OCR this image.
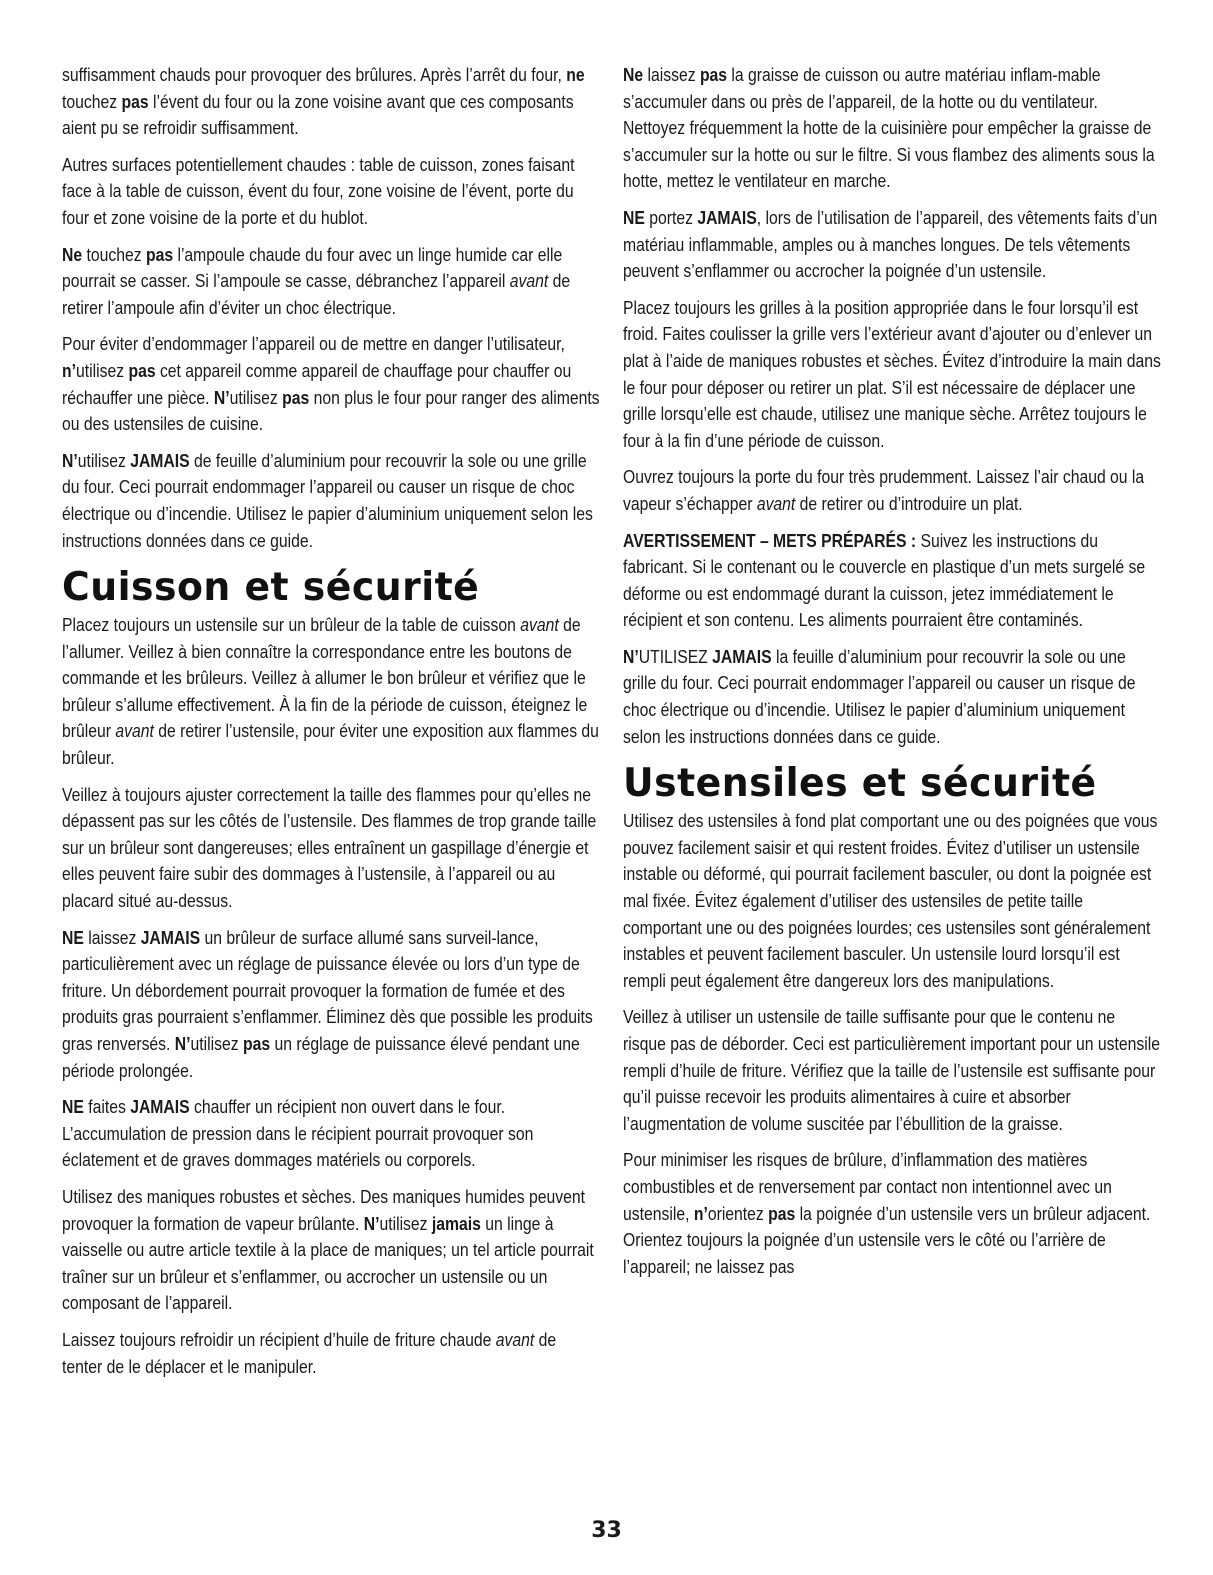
suffisamment chauds pour provoquer des brûlures. Après l’arrêt du four, ne touchez pas l’évent du four ou la zone voisine avant que ces composants aient pu se refroidir suffisamment.

Autres surfaces potentiellement chaudes : table de cuisson, zones faisant face à la table de cuisson, évent du four, zone voisine de l’évent, porte du four et zone voisine de la porte et du hublot.

Ne touchez pas l’ampoule chaude du four avec un linge humide car elle pourrait se casser. Si l’ampoule se casse, débranchez l’appareil avant de retirer l’ampoule afin d’éviter un choc électrique.

Pour éviter d’endommager l’appareil ou de mettre en danger l’utilisateur, n’utilisez pas cet appareil comme appareil de chauffage pour chauffer ou réchauffer une pièce. N’utilisez pas non plus le four pour ranger des aliments ou des ustensiles de cuisine.

N’utilisez JAMAIS de feuille d’aluminium pour recouvrir la sole ou une grille du four. Ceci pourrait endommager l’appareil ou causer un risque de choc électrique ou d’incendie. Utilisez le papier d’aluminium uniquement selon les instructions données dans ce guide.

Cuisson et sécurité

Placez toujours un ustensile sur un brûleur de la table de cuisson avant de l’allumer. Veillez à bien connaître la correspondance entre les boutons de commande et les brûleurs. Veillez à allumer le bon brûleur et vérifiez que le brûleur s’allume effectivement. À la fin de la période de cuisson, éteignez le brûleur avant de retirer l’ustensile, pour éviter une exposition aux flammes du brûleur.

Veillez à toujours ajuster correctement la taille des flammes pour qu’elles ne dépassent pas sur les côtés de l’ustensile. Des flammes de trop grande taille sur un brûleur sont dangereuses; elles entraînent un gaspillage d’énergie et elles peuvent faire subir des dommages à l’ustensile, à l’appareil ou au placard situé au-dessus.

NE laissez JAMAIS un brûleur de surface allumé sans surveil-lance, particulièrement avec un réglage de puissance élevée ou lors d’un type de friture. Un débordement pourrait provoquer la formation de fumée et des produits gras pourraient s’enflammer. Éliminez dès que possible les produits gras renversés. N’utilisez pas un réglage de puissance élevé pendant une période prolongée.

NE faites JAMAIS chauffer un récipient non ouvert dans le four. L’accumulation de pression dans le récipient pourrait provoquer son éclatement et de graves dommages matériels ou corporels.

Utilisez des maniques robustes et sèches. Des maniques humides peuvent provoquer la formation de vapeur brûlante. N’utilisez jamais un linge à vaisselle ou autre article textile à la place de maniques; un tel article pourrait traîner sur un brûleur et s’enflammer, ou accrocher un ustensile ou un composant de l’appareil.

Laissez toujours refroidir un récipient d’huile de friture chaude avant de tenter de le déplacer et le manipuler.

Ne laissez pas la graisse de cuisson ou autre matériau inflam-mable s’accumuler dans ou près de l’appareil, de la hotte ou du ventilateur. Nettoyez fréquemment la hotte de la cuisinière pour empêcher la graisse de s’accumuler sur la hotte ou sur le filtre. Si vous flambez des aliments sous la hotte, mettez le ventilateur en marche.

NE portez JAMAIS, lors de l’utilisation de l’appareil, des vêtements faits d’un matériau inflammable, amples ou à manches longues. De tels vêtements peuvent s’enflammer ou accrocher la poignée d’un ustensile.

Placez toujours les grilles à la position appropriée dans le four lorsqu’il est froid. Faites coulisser la grille vers l’extérieur avant d’ajouter ou d’enlever un plat à l’aide de maniques robustes et sèches. Évitez d’introduire la main dans le four pour déposer ou retirer un plat. S’il est nécessaire de déplacer une grille lorsqu’elle est chaude, utilisez une manique sèche. Arrêtez toujours le four à la fin d’une période de cuisson.

Ouvrez toujours la porte du four très prudemment. Laissez l’air chaud ou la vapeur s’échapper avant de retirer ou d’introduire un plat.

AVERTISSEMENT – METS PRÉPARÉS : Suivez les instructions du fabricant. Si le contenant ou le couvercle en plastique d’un mets surgelé se déforme ou est endommagé durant la cuisson, jetez immédiatement le récipient et son contenu. Les aliments pourraient être contaminés.

N’UTILISEZ JAMAIS la feuille d’aluminium pour recouvrir la sole ou une grille du four. Ceci pourrait endommager l’appareil ou causer un risque de choc électrique ou d’incendie. Utilisez le papier d’aluminium uniquement selon les instructions données dans ce guide.

Ustensiles et sécurité

Utilisez des ustensiles à fond plat comportant une ou des poignées que vous pouvez facilement saisir et qui restent froides. Évitez d’utiliser un ustensile instable ou déformé, qui pourrait facilement basculer, ou dont la poignée est mal fixée. Évitez également d’utiliser des ustensiles de petite taille comportant une ou des poignées lourdes; ces ustensiles sont généralement instables et peuvent facilement basculer. Un ustensile lourd lorsqu’il est rempli peut également être dangereux lors des manipulations.

Veillez à utiliser un ustensile de taille suffisante pour que le contenu ne risque pas de déborder. Ceci est particulièrement important pour un ustensile rempli d’huile de friture. Vérifiez que la taille de l’ustensile est suffisante pour qu’il puisse recevoir les produits alimentaires à cuire et absorber l’augmentation de volume suscitée par l’ébullition de la graisse.

Pour minimiser les risques de brûlure, d’inflammation des matières combustibles et de renversement par contact non intentionnel avec un ustensile, n’orientez pas la poignée d’un ustensile vers un brûleur adjacent. Orientez toujours la poignée d’un ustensile vers le côté ou l’arrière de l’appareil; ne laissez pas

33
